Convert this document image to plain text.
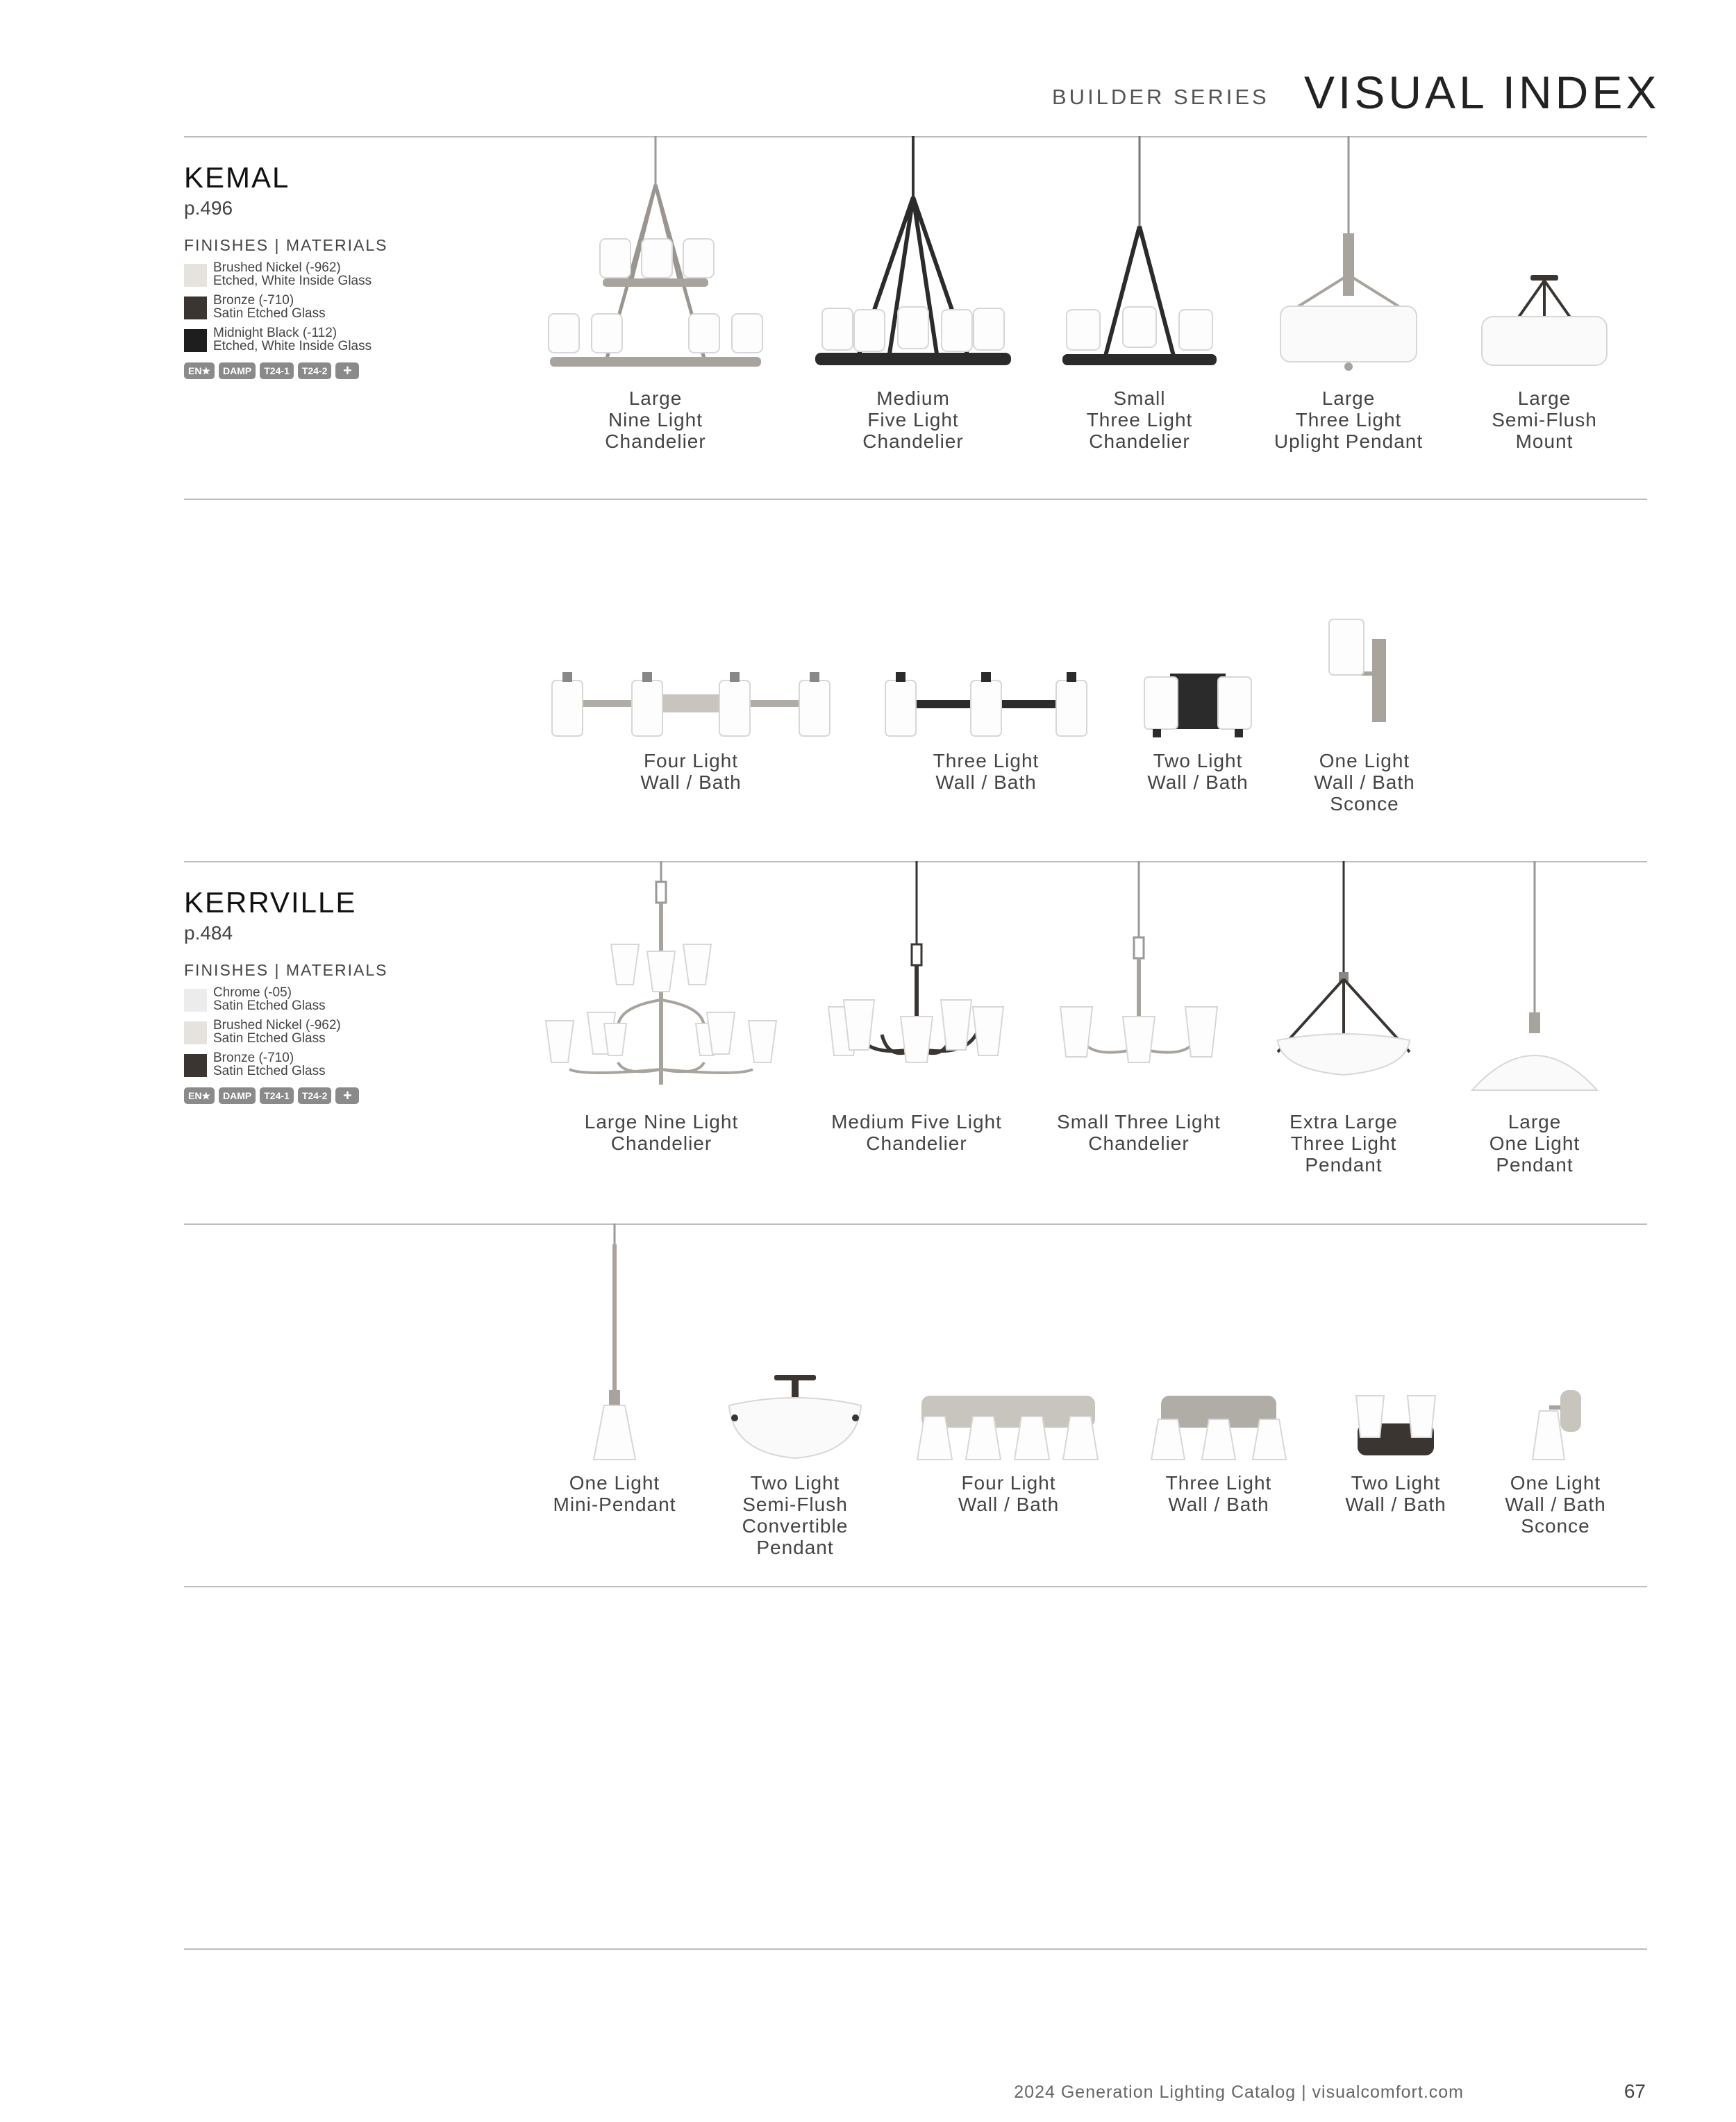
BUILDER SERIES VISUAL INDEX
KEMAL
p.496
FINISHES | MATERIALS
Brushed Nickel (-962)
Etched, White Inside Glass
Bronze (-710)
Satin Etched Glass
Midnight Black (-112)
Etched, White Inside Glass
EN★	DAMP	T24-1	T24-2	+
Large
Nine Light
Chandelier
Medium
Five Light
Chandelier
Small
Three Light
Chandelier
Large
Three Light
Uplight Pendant
Large
Semi-Flush
Mount
Four Light
Wall / Bath
Three Light
Wall / Bath
Two Light
Wall / Bath
One Light
Wall / Bath
Sconce
KERRVILLE
p.484
FINISHES | MATERIALS
Chrome (-05)
Satin Etched Glass
Brushed Nickel (-962)
Satin Etched Glass
Bronze (-710)
Satin Etched Glass
EN★	DAMP	T24-1	T24-2	+
Large Nine Light
Chandelier
Medium Five Light
Chandelier
Small Three Light
Chandelier
Extra Large
Three Light
Pendant
Large
One Light
Pendant
One Light
Mini-Pendant
Two Light
Semi-Flush
Convertible
Pendant
Four Light
Wall / Bath
Three Light
Wall / Bath
Two Light
Wall / Bath
One Light
Wall / Bath
Sconce
2024 Generation Lighting Catalog | visualcomfort.com	67
